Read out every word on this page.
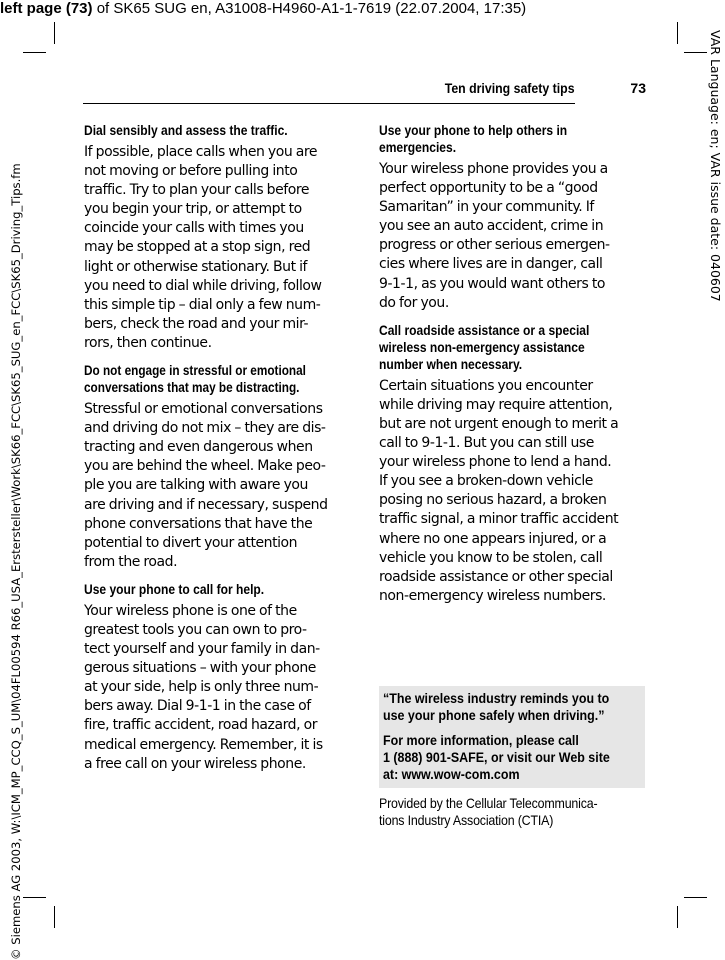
left page (73) of SK65 SUG en, A31008-H4960-A1-1-7619 (22.07.2004, 17:35)
© Siemens AG 2003, W:\ICM_MP_CCQ_S_UM\04FL00594 R66_USA_Erstersteller\Work\SK66_FCC\SK65_SUG_en_FCC\SK65_Driving_Tips.fm	VAR Language: en; VAR issue date: 040607
Ten driving safety tips	73
Dial sensibly and assess the traffic.

If possible, place calls when you are
not moving or before pulling into
traffic. Try to plan your calls before
you begin your trip, or attempt to
coincide your calls with times you
may be stopped at a stop sign, red
light or otherwise stationary. But if
you need to dial while driving, follow
this simple tip – dial only a few num-
bers, check the road and your mir-
rors, then continue.

Do not engage in stressful or emotional
conversations that may be distracting.

Stressful or emotional conversations
and driving do not mix – they are dis-
tracting and even dangerous when
you are behind the wheel. Make peo-
ple you are talking with aware you
are driving and if necessary, suspend
phone conversations that have the
potential to divert your attention
from the road.

Use your phone to call for help.

Your wireless phone is one of the
greatest tools you can own to pro-
tect yourself and your family in dan-
gerous situations – with your phone
at your side, help is only three num-
bers away. Dial 9-1-1 in the case of
fire, traffic accident, road hazard, or
medical emergency. Remember, it is
a free call on your wireless phone.

Use your phone to help others in
emergencies.

Your wireless phone provides you a
perfect opportunity to be a “good
Samaritan” in your community. If
you see an auto accident, crime in
progress or other serious emergen-
cies where lives are in danger, call
9-1-1, as you would want others to
do for you.

Call roadside assistance or a special
wireless non-emergency assistance
number when necessary.

Certain situations you encounter
while driving may require attention,
but are not urgent enough to merit a
call to 9-1-1. But you can still use
your wireless phone to lend a hand.
If you see a broken-down vehicle
posing no serious hazard, a broken
traffic signal, a minor traffic accident
where no one appears injured, or a
vehicle you know to be stolen, call
roadside assistance or other special
non-emergency wireless numbers.

“The wireless industry reminds you to
use your phone safely when driving.”

For more information, please call
1 (888) 901-SAFE, or visit our Web site
at: www.wow-com.com

Provided by the Cellular Telecommunica-
tions Industry Association (CTIA)
